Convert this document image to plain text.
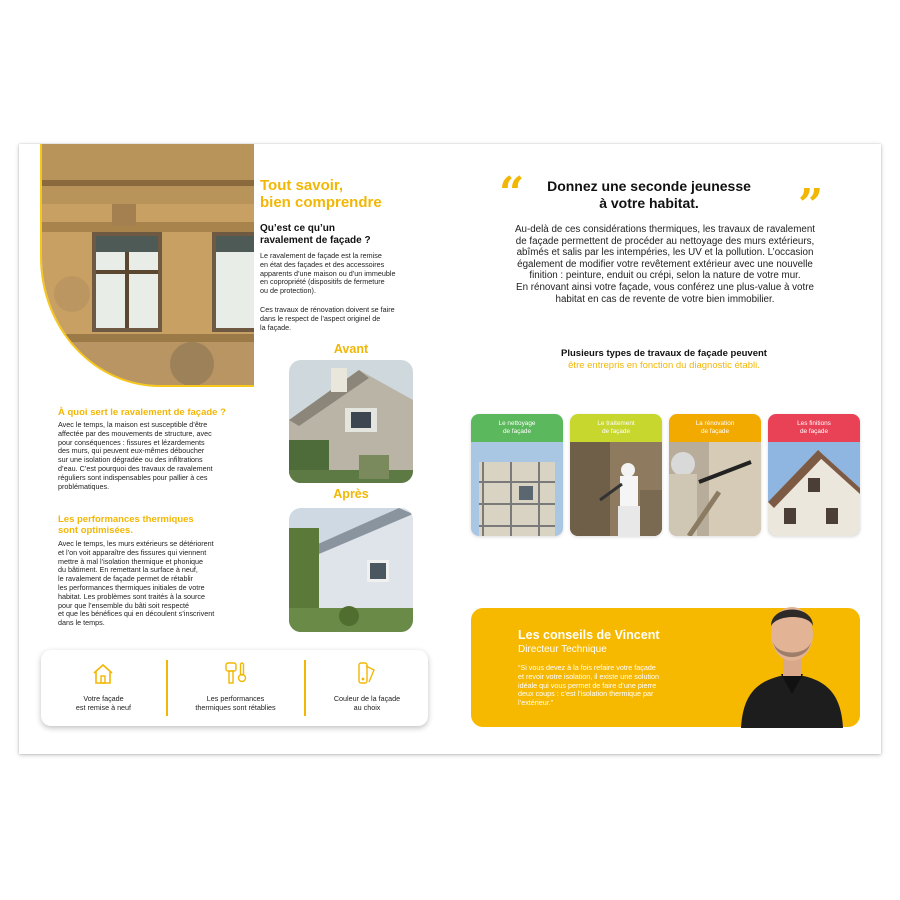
Tout savoir,
bien comprendre
Qu’est ce qu’un
ravalement de façade ?
Le ravalement de façade est la remise
en état des façades et des accessoires
apparents d’une maison ou d’un immeuble
en copropriété (dispositifs de fermeture
ou de protection).
Ces travaux de rénovation doivent se faire
dans le respect de l’aspect originel de
la façade.
Avant
Après
À quoi sert le ravalement de façade ?
Avec le temps, la maison est susceptible d’être
affectée par des mouvements de structure, avec
pour conséquences : fissures et lézardements
des murs, qui peuvent eux-mêmes déboucher
sur une isolation dégradée ou des infiltrations
d’eau. C’est pourquoi des travaux de ravalement
réguliers sont indispensables pour pallier à ces
problématiques.
Les performances thermiques
sont optimisées.
Avec le temps, les murs extérieurs se détériorent
et l’on voit apparaître des fissures qui viennent
mettre à mal l’isolation thermique et phonique
du bâtiment. En remettant la surface à neuf,
le ravalement de façade permet de rétablir
les performances thermiques initiales de votre
habitat. Les problèmes sont traités à la source
pour que l’ensemble du bâti soit respecté
et que les bénéfices qui en découlent s’inscrivent
dans le temps.
Votre façade
est remise à neuf
Les performances
thermiques sont rétablies
Couleur de la façade
au choix
“	Donnez une seconde jeunesse
à votre habitat.	”
Au-delà de ces considérations thermiques, les travaux de ravalement
de façade permettent de procéder au nettoyage des murs extérieurs,
abîmés et salis par les intempéries, les UV et la pollution. L’occasion
également de modifier votre revêtement extérieur avec une nouvelle
finition : peinture, enduit ou crépi, selon la nature de votre mur.
En rénovant ainsi votre façade, vous conférez une plus-value à votre
habitat en cas de revente de votre bien immobilier.
Plusieurs types de travaux de façade peuvent
être entrepris en fonction du diagnostic établi.
Le nettoyage
de façade
Le traitement
de façade
La rénovation
de façade
Les finitions
de façade
Les conseils de Vincent
Directeur Technique
“Si vous devez à la fois refaire votre façade
et revoir votre isolation, il existe une solution
idéale qui vous permet de faire d’une pierre
deux coups : c’est l’isolation thermique par
l’extérieur.”
